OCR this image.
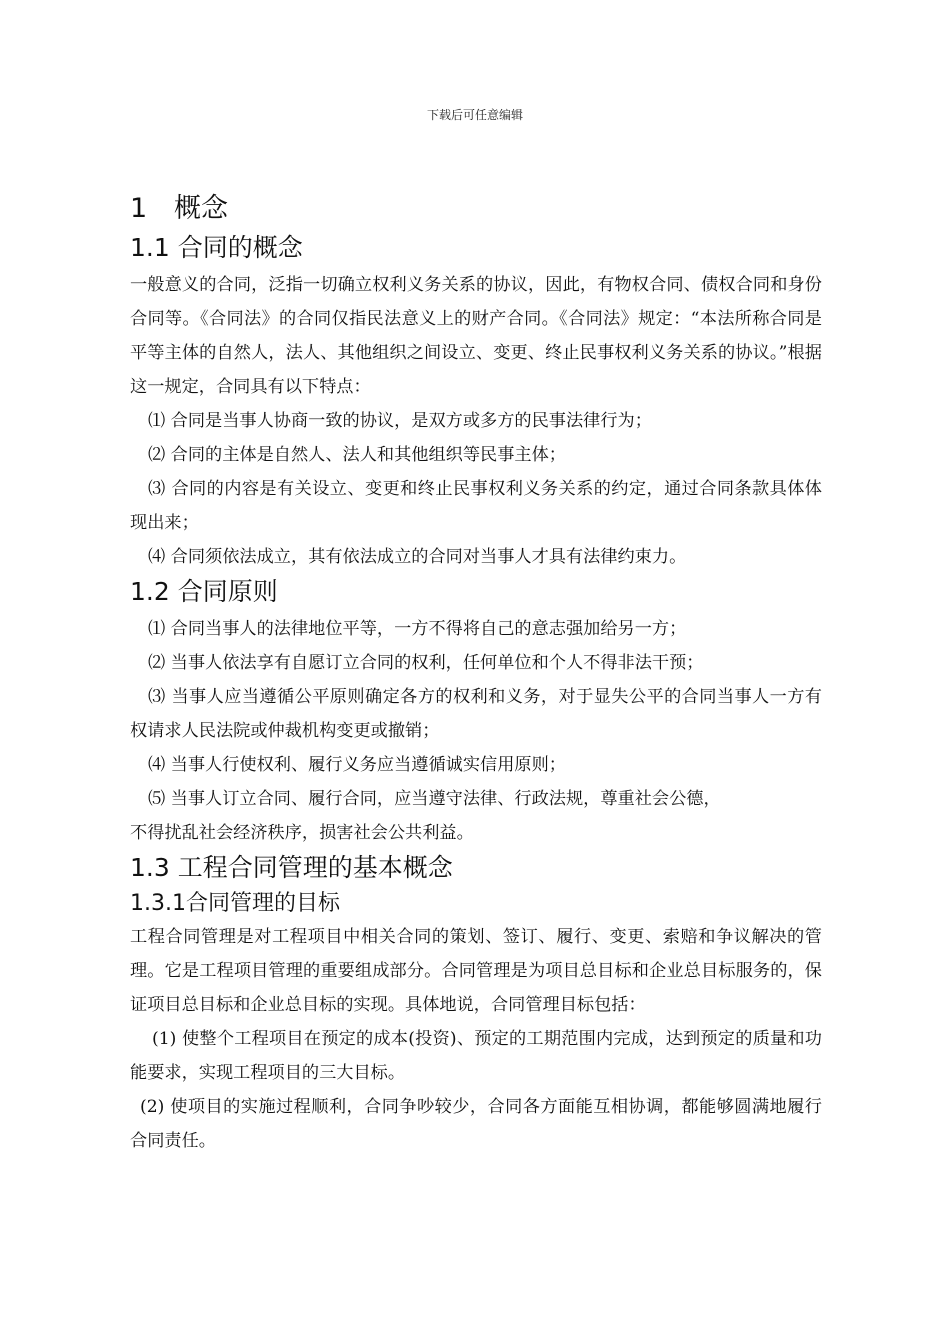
下载后可任意编辑
1 概念
1.1 合同的概念

一般意义的合同，泛指一切确立权利义务关系的协议，因此，有物权合同、债权合同和身份合同等。《合同法》的合同仅指民法意义上的财产合同。《合同法》规定：“本法所称合同是平等主体的自然人，法人、其他组织之间设立、变更、终止民事权利义务关系的协议。”根据这一规定，合同具有以下特点：

⑴ 合同是当事人协商一致的协议，是双方或多方的民事法律行为；

⑵ 合同的主体是自然人、法人和其他组织等民事主体；

⑶ 合同的内容是有关设立、变更和终止民事权利义务关系的约定，通过合同条款具体体现出来；

⑷ 合同须依法成立，其有依法成立的合同对当事人才具有法律约束力。

1.2 合同原则

⑴ 合同当事人的法律地位平等，一方不得将自己的意志强加给另一方；

⑵ 当事人依法享有自愿订立合同的权利，任何单位和个人不得非法干预；

⑶ 当事人应当遵循公平原则确定各方的权利和义务，对于显失公平的合同当事人一方有权请求人民法院或仲裁机构变更或撤销；

⑷ 当事人行使权利、履行义务应当遵循诚实信用原则；

⑸ 当事人订立合同、履行合同，应当遵守法律、行政法规，尊重社会公德，

不得扰乱社会经济秩序，损害社会公共利益。

1.3 工程合同管理的基本概念
1.3.1合同管理的目标

工程合同管理是对工程项目中相关合同的策划、签订、履行、变更、索赔和争议解决的管理。它是工程项目管理的重要组成部分。合同管理是为项目总目标和企业总目标服务的，保证项目总目标和企业总目标的实现。具体地说，合同管理目标包括：

(1) 使整个工程项目在预定的成本(投资)、预定的工期范围内完成，达到预定的质量和功能要求，实现工程项目的三大目标。

(2) 使项目的实施过程顺利，合同争吵较少，合同各方面能互相协调，都能够圆满地履行合同责任。
